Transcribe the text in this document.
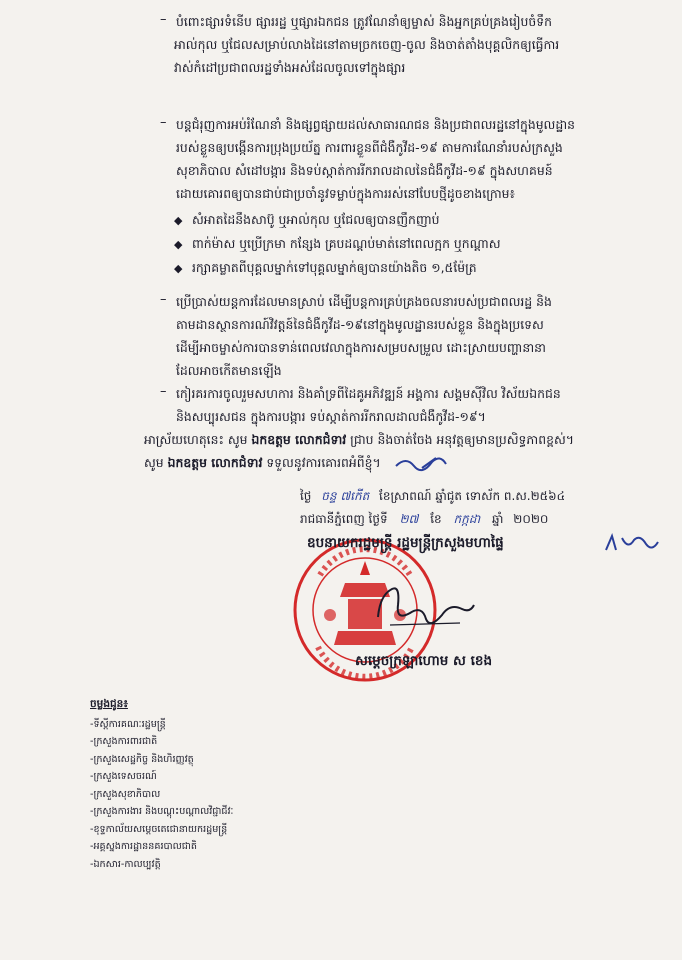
– បំពោះផ្សារទំនើប ផ្សាររដ្ឋ ឬផ្សារឯកជន ត្រូវណែនាំឲ្យម្ចាស់ និងអ្នកគ្រប់គ្រងរៀបចំទឹក
អាល់កុល ឬជែលសម្រាប់លាងដៃនៅតាមច្រកចេញ-ចូល និងចាត់តាំងបុគ្គលិកឲ្យធ្វើការ
វាស់កំដៅប្រជាពលរដ្ឋទាំងអស់ដែលចូលទៅក្នុងផ្សារ
– បន្តជំរុញការអប់រំណែនាំ និងផ្សព្វផ្សាយដល់សាធារណជន និងប្រជាពលរដ្ឋនៅក្នុងមូលដ្ឋាន
របស់ខ្លួនឲ្យបង្កើនការប្រុងប្រយ័ត្ន ការពារខ្លួនពីជំងឺកូវីដ-១៩ តាមការណែនាំរបស់ក្រសួង
សុខាភិបាល សំដៅបង្ការ និងទប់ស្កាត់ការរីករាលដាលនៃជំងឺកូវីដ-១៩ ក្នុងសហគមន៍
ដោយគោរពឲ្យបានជាប់ជាប្រចាំនូវទម្លាប់ក្នុងការរស់នៅបែបថ្មីដូចខាងក្រោម៖
◆ សំអាតដៃនឹងសាប៊ូ ឬអាល់កុល ឬជែលឲ្យបានញឹកញាប់
◆ ពាក់ម៉ាស ឬប្រើក្រមា កន្សែង គ្របដណ្តប់មាត់នៅពេលក្អក ឬកណ្តាស
◆ រក្សាគម្លាតពីបុគ្គលម្នាក់ទៅបុគ្គលម្នាក់ឲ្យបានយ៉ាងតិច ១,៥ម៉ែត្រ
– ប្រើប្រាស់យន្តការដែលមានស្រាប់ ដើម្បីបន្តការគ្រប់គ្រងចលនារបស់ប្រជាពលរដ្ឋ និង
តាមដានស្ថានការណ៍វិវត្តន៍នៃជំងឺកូវីដ-១៩នៅក្នុងមូលដ្ឋានរបស់ខ្លួន និងក្នុងប្រទេស
ដើម្បីអាចម្ចាស់ការបានទាន់ពេលវេលាក្នុងការសម្របសម្រួល ដោះស្រាយបញ្ហានានា
ដែលអាចកើតមានឡើង
– កៀរគរការចូលរួមសហការ និងគាំទ្រពីដៃគូអភិវឌ្ឍន៍ អង្គការ សង្គមស៊ីវិល វិស័យឯកជន
និងសប្បុរសជន ក្នុងការបង្ការ ទប់ស្កាត់ការរីករាលដាលជំងឺកូវីដ-១៩។
អាស្រ័យហេតុនេះ សូម ឯកឧត្តម លោកជំទាវ ជ្រាប និងចាត់ចែង អនុវត្តឲ្យមានប្រសិទ្ធភាពខ្ពស់។
សូម ឯកឧត្តម លោកជំទាវ ទទួលនូវការគោរពអំពីខ្ញុំ។
ថ្ងៃ ចន្ទ ៧កើត ខែស្រាពណ៍ ឆ្នាំជូត ទោស័ក ព.ស.២៥៦៤
រាជធានីភ្នំពេញ ថ្ងៃទី ២៧ ខែ កក្កដា ឆ្នាំ ២០២០
ឧបនាយករដ្ឋមន្ត្រី រដ្ឋមន្ត្រីក្រសួងមហាផ្ទៃ
សម្តេចក្រឡាហោម ស ខេង
ចម្លងជូន៖
-ទីស្តីការគណៈរដ្ឋមន្ត្រី
-ក្រសួងការពារជាតិ
-ក្រសួងសេដ្ឋកិច្ច និងហិរញ្ញវត្ថុ
-ក្រសួងទេសចរណ៍
-ក្រសួងសុខាភិបាល
-ក្រសួងការងារ និងបណ្តុះបណ្តាលវិជ្ជាជីវៈ
-ខុទ្ទកាល័យសម្តេចតេជោនាយករដ្ឋមន្ត្រី
-អគ្គស្នងការដ្ឋាននគរបាលជាតិ
-ឯកសារ-កាលប្បវត្តិ
